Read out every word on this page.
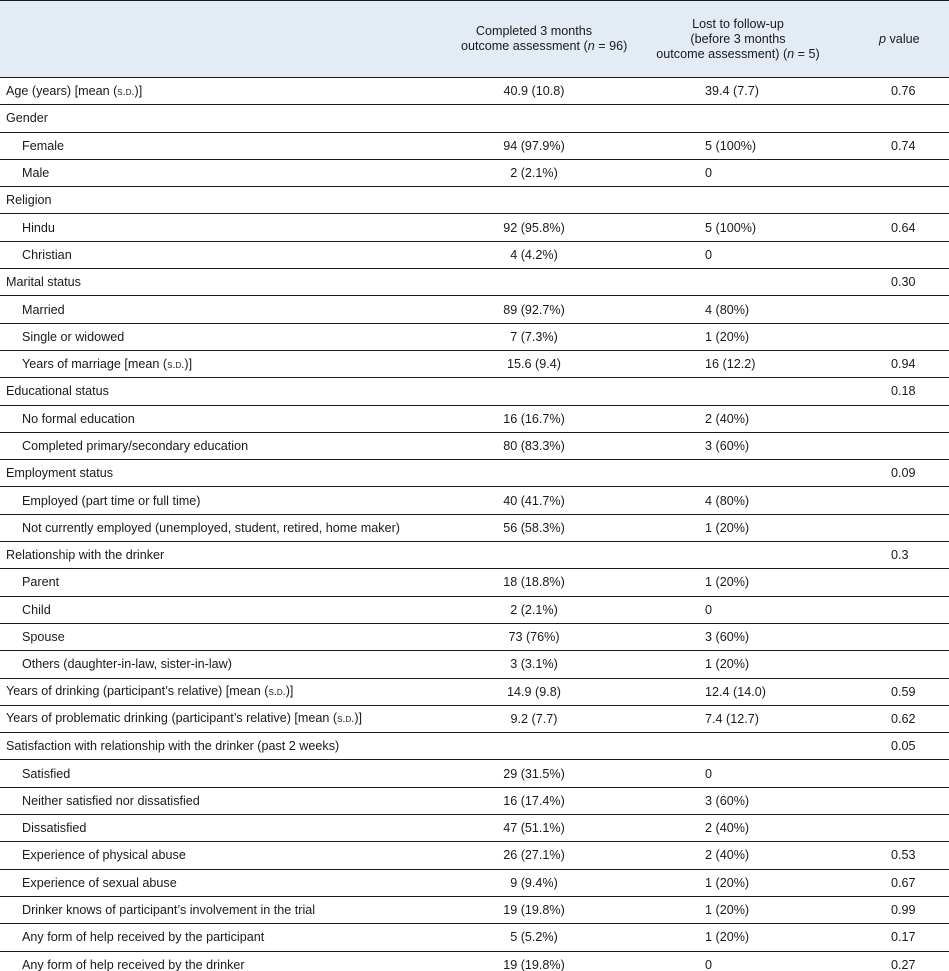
	Completed 3 months
outcome assessment (n = 96)	Lost to follow-up
(before 3 months
outcome assessment) (n = 5)	p value
Age (years) [mean (s.d.)]	40.9 (10.8)	39.4 (7.7)	0.76
Gender			
Female	94 (97.9%)	5 (100%)	0.74
Male	2 (2.1%)	0	
Religion			
Hindu	92 (95.8%)	5 (100%)	0.64
Christian	4 (4.2%)	0	
Marital status			0.30
Married	89 (92.7%)	4 (80%)	
Single or widowed	7 (7.3%)	1 (20%)	
Years of marriage [mean (s.d.)]	15.6 (9.4)	16 (12.2)	0.94
Educational status			0.18
No formal education	16 (16.7%)	2 (40%)	
Completed primary/secondary education	80 (83.3%)	3 (60%)	
Employment status			0.09
Employed (part time or full time)	40 (41.7%)	4 (80%)	
Not currently employed (unemployed, student, retired, home maker)	56 (58.3%)	1 (20%)	
Relationship with the drinker			0.3
Parent	18 (18.8%)	1 (20%)	
Child	2 (2.1%)	0	
Spouse	73 (76%)	3 (60%)	
Others (daughter-in-law, sister-in-law)	3 (3.1%)	1 (20%)	
Years of drinking (participant’s relative) [mean (s.d.)]	14.9 (9.8)	12.4 (14.0)	0.59
Years of problematic drinking (participant’s relative) [mean (s.d.)]	9.2 (7.7)	7.4 (12.7)	0.62
Satisfaction with relationship with the drinker (past 2 weeks)			0.05
Satisfied	29 (31.5%)	0	
Neither satisfied nor dissatisfied	16 (17.4%)	3 (60%)	
Dissatisfied	47 (51.1%)	2 (40%)	
Experience of physical abuse	26 (27.1%)	2 (40%)	0.53
Experience of sexual abuse	9 (9.4%)	1 (20%)	0.67
Drinker knows of participant’s involvement in the trial	19 (19.8%)	1 (20%)	0.99
Any form of help received by the participant	5 (5.2%)	1 (20%)	0.17
Any form of help received by the drinker	19 (19.8%)	0	0.27
